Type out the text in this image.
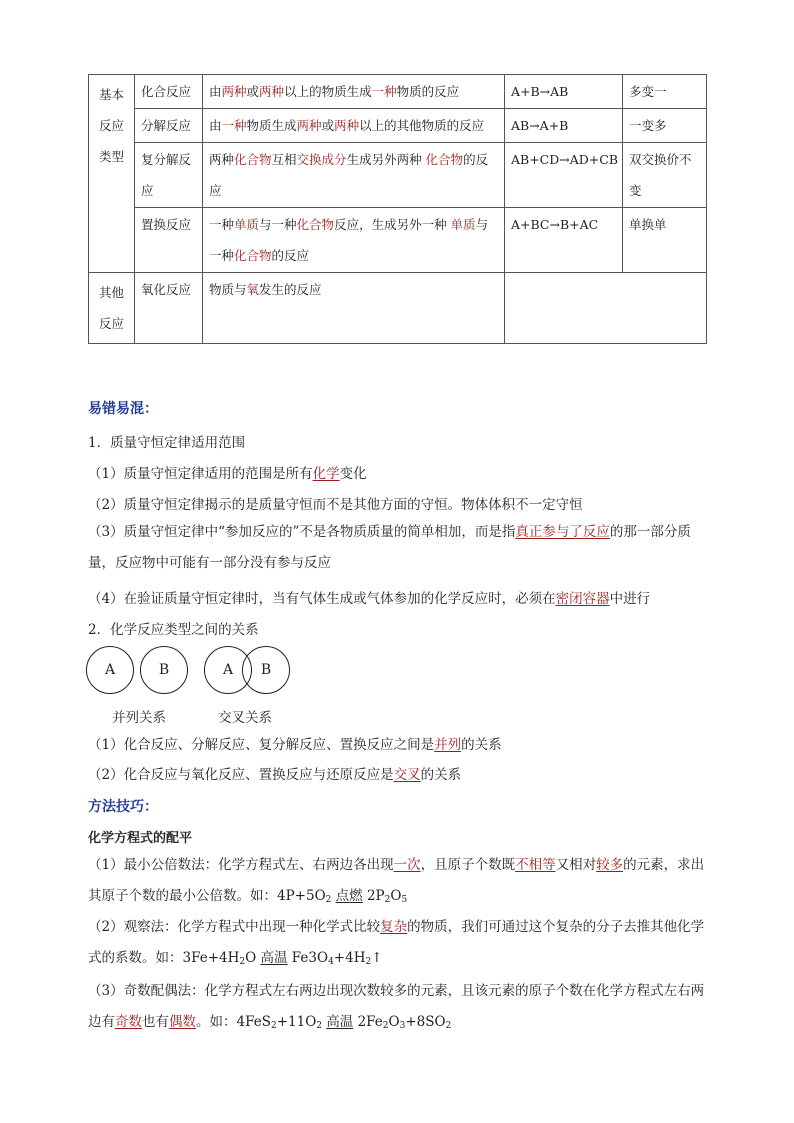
基本反应类型	化合反应	由两种或两种以上的物质生成一种物质的反应	A+B→AB	多变一
	分解反应	由一种物质生成两种或两种以上的其他物质的反应	AB→A+B	一变多
	复分解反应	两种化合物互相交换成分生成另外两种 化合物的反应	AB+CD→AD+CB	双交换价不变
	置换反应	一种单质与一种化合物反应，生成另外一种 单质与一种化合物的反应	A+BC→B+AC	单换单
其他反应	氧化反应	物质与氧发生的反应		
易错易混：
1．质量守恒定律适用范围
（1）质量守恒定律适用的范围是所有化学变化
（2）质量守恒定律揭示的是质量守恒而不是其他方面的守恒。物体体积不一定守恒
（3）质量守恒定律中“参加反应的”不是各物质质量的简单相加，而是指真正参与了反应的那一部分质量，反应物中可能有一部分没有参与反应
（4）在验证质量守恒定律时，当有气体生成或气体参加的化学反应时，必须在密闭容器中进行
2．化学反应类型之间的关系
A	B	A	B
并列关系	交叉关系
（1）化合反应、分解反应、复分解反应、置换反应之间是并列的关系
（2）化合反应与氧化反应、置换反应与还原反应是交叉的关系
方法技巧：
化学方程式的配平
（1）最小公倍数法：化学方程式左、右两边各出现一次，且原子个数既不相等又相对较多的元素，求出其原子个数的最小公倍数。如：$4P+5O_2$ 点燃 $2P_2O_5$
（2）观察法：化学方程式中出现一种化学式比较复杂的物质，我们可通过这个复杂的分子去推其他化学式的系数。如：$3Fe+4H_2O$ 高温 $Fe3O_4+4H_2↑$
（3）奇数配偶法：化学方程式左右两边出现次数较多的元素，且该元素的原子个数在化学方程式左右两边有奇数也有偶数。如：$4FeS_2+11O_2$ 高温 $2Fe_2O_3+8SO_2$
